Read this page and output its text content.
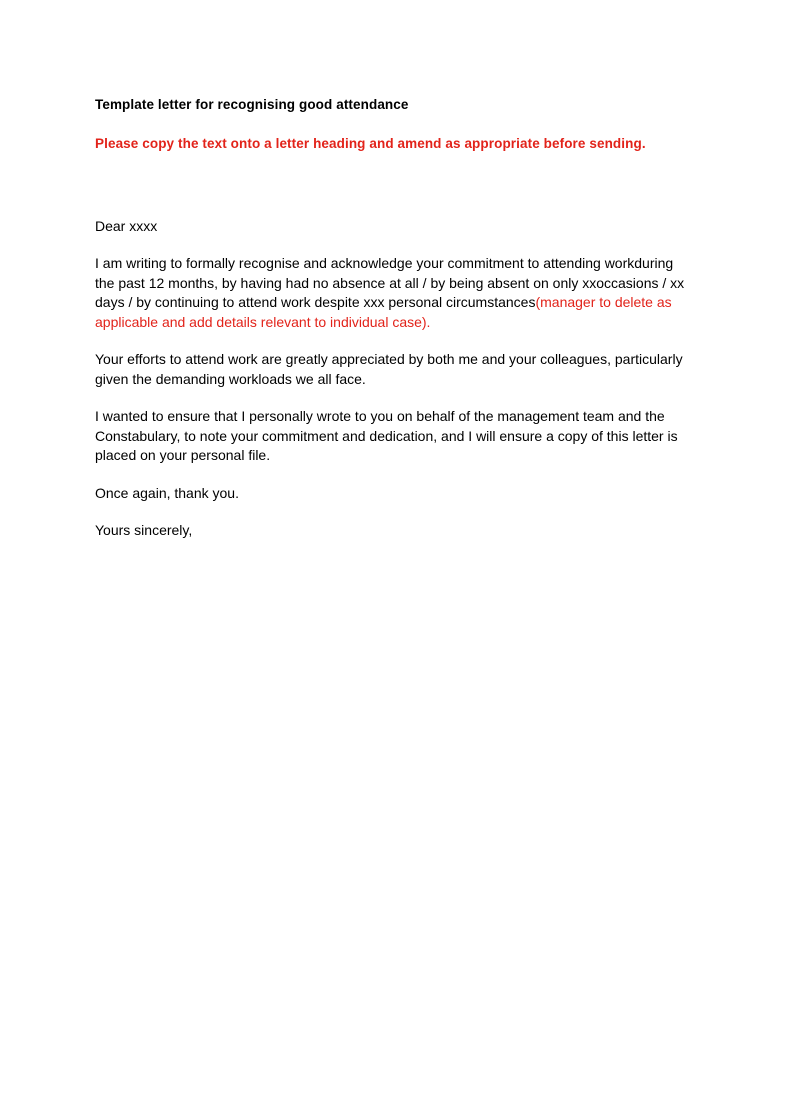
Template letter for recognising good attendance

Please copy the text onto a letter heading and amend as appropriate before sending.

Dear xxxx

I am writing to formally recognise and acknowledge your commitment to attending workduring the past 12 months, by having had no absence at all / by being absent on only xxoccasions / xx days / by continuing to attend work despite xxx personal circumstances(manager to delete as applicable and add details relevant to individual case).

Your efforts to attend work are greatly appreciated by both me and your colleagues, particularly given the demanding workloads we all face.

I wanted to ensure that I personally wrote to you on behalf of the management team and the Constabulary, to note your commitment and dedication, and I will ensure a copy of this letter is placed on your personal file.

Once again, thank you.

Yours sincerely,
